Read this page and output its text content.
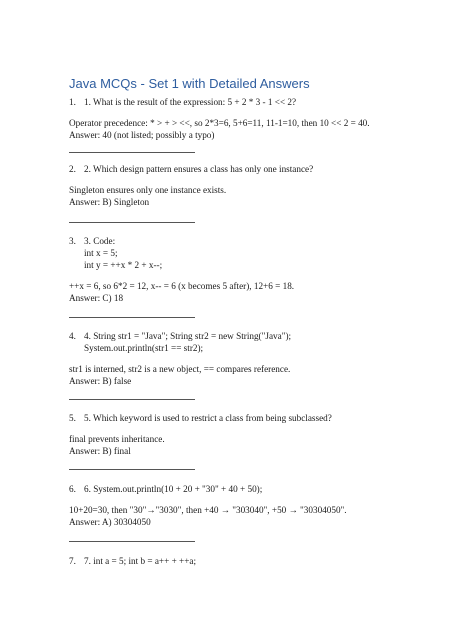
Java MCQs - Set 1 with Detailed Answers
1. 1. What is the result of the expression: 5 + 2 * 3 - 1 << 2?
Operator precedence: * > + > <<, so 2*3=6, 5+6=11, 11-1=10, then 10 << 2 = 40.
Answer: 40 (not listed; possibly a typo)
2. 2. Which design pattern ensures a class has only one instance?
Singleton ensures only one instance exists.
Answer: B) Singleton
3. 3. Code:
int x = 5;
int y = ++x * 2 + x--;
++x = 6, so 6*2 = 12, x-- = 6 (x becomes 5 after), 12+6 = 18.
Answer: C) 18
4. 4. String str1 = "Java"; String str2 = new String("Java");
System.out.println(str1 == str2);
str1 is interned, str2 is a new object, == compares reference.
Answer: B) false
5. 5. Which keyword is used to restrict a class from being subclassed?
final prevents inheritance.
Answer: B) final
6. 6. System.out.println(10 + 20 + "30" + 40 + 50);
10+20=30, then "30"→"3030", then +40 → "303040", +50 → "30304050".
Answer: A) 30304050
7. 7. int a = 5; int b = a++ + ++a;
